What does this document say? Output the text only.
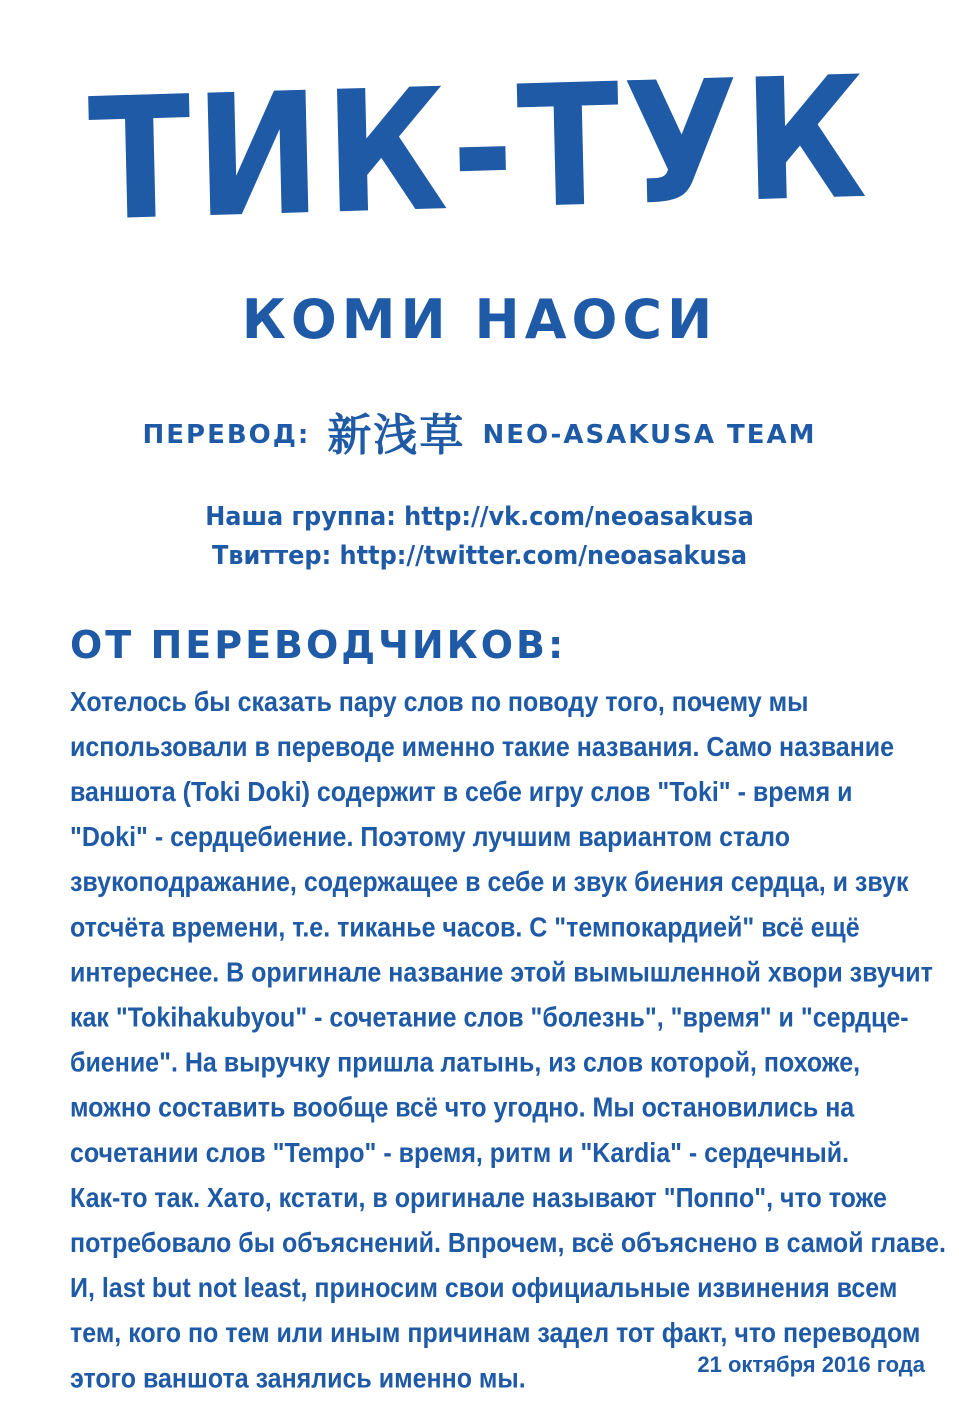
ТИК-ТУК
КОМИ НАОСИ
ПЕРЕВОД: 新浅草 NEO-ASAKUSA TEAM
Наша группа: http://vk.com/neoasakusa
Твиттер: http://twitter.com/neoasakusa
ОТ ПЕРЕВОДЧИКОВ:
Хотелось бы сказать пару слов по поводу того, почему мы
использовали в переводе именно такие названия. Само название
ваншота (Toki Doki) содержит в себе игру слов "Toki" - время и
"Doki" - сердцебиение. Поэтому лучшим вариантом стало
звукоподражание, содержащее в себе и звук биения сердца, и звук
отсчёта времени, т.е. тиканье часов. С "темпокардией" всё ещё
интереснее. В оригинале название этой вымышленной хвори звучит
как "Tokihakubyou" - сочетание слов "болезнь", "время" и "сердце-
биение". На выручку пришла латынь, из слов которой, похоже,
можно составить вообще всё что угодно. Мы остановились на
сочетании слов "Tempo" - время, ритм и "Kardia" - сердечный.
Как-то так. Хато, кстати, в оригинале называют "Поппо", что тоже
потребовало бы объяснений. Впрочем, всё объяснено в самой главе.
И, last but not least, приносим свои официальные извинения всем
тем, кого по тем или иным причинам задел тот факт, что переводом
этого ваншота занялись именно мы.	21 октября 2016 года
